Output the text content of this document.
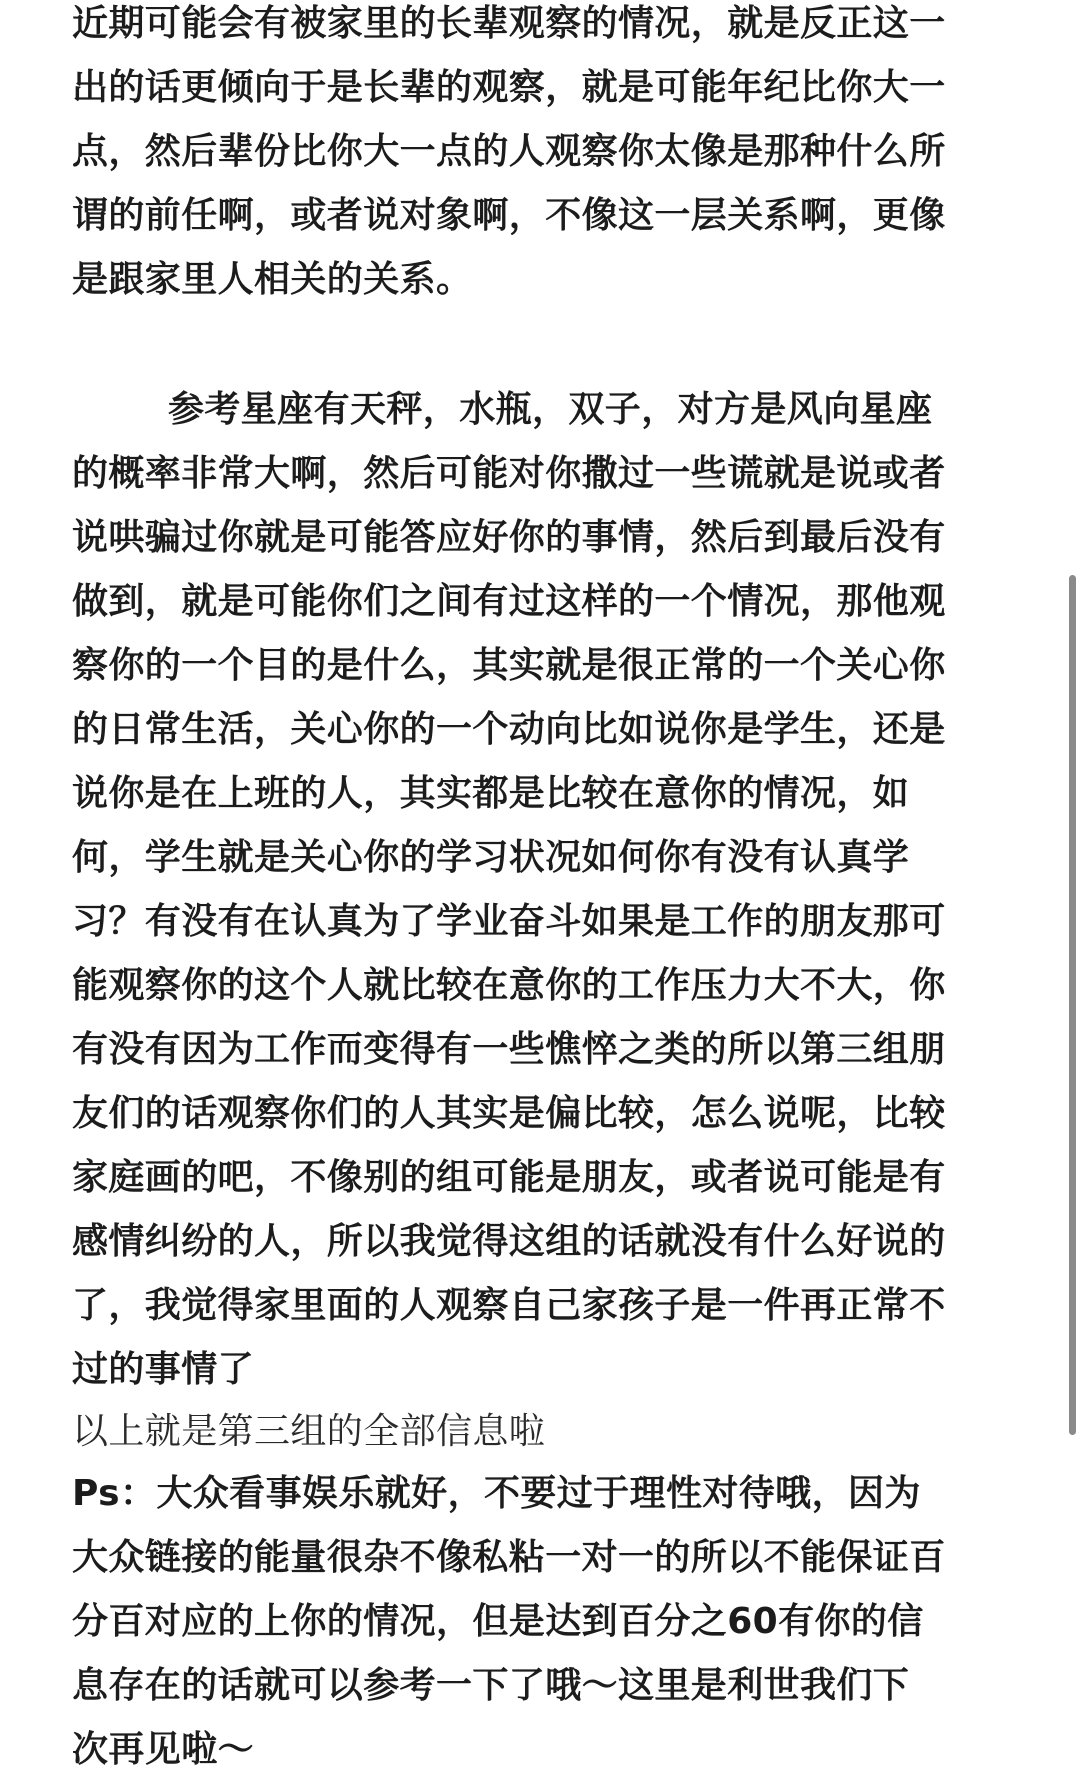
近期可能会有被家里的长辈观察的情况，就是反正这一
出的话更倾向于是长辈的观察，就是可能年纪比你大一
点，然后辈份比你大一点的人观察你太像是那种什么所
谓的前任啊，或者说对象啊，不像这一层关系啊，更像
是跟家里人相关的关系。
参考星座有天秤，水瓶，双子，对方是风向星座
的概率非常大啊，然后可能对你撒过一些谎就是说或者
说哄骗过你就是可能答应好你的事情，然后到最后没有
做到，就是可能你们之间有过这样的一个情况，那他观
察你的一个目的是什么，其实就是很正常的一个关心你
的日常生活，关心你的一个动向比如说你是学生，还是
说你是在上班的人，其实都是比较在意你的情况，如
何，学生就是关心你的学习状况如何你有没有认真学
习？有没有在认真为了学业奋斗如果是工作的朋友那可
能观察你的这个人就比较在意你的工作压力大不大，你
有没有因为工作而变得有一些憔悴之类的所以第三组朋
友们的话观察你们的人其实是偏比较，怎么说呢，比较
家庭画的吧，不像别的组可能是朋友，或者说可能是有
感情纠纷的人，所以我觉得这组的话就没有什么好说的
了，我觉得家里面的人观察自己家孩子是一件再正常不
过的事情了
以上就是第三组的全部信息啦
Ps：大众看事娱乐就好，不要过于理性对待哦，因为
大众链接的能量很杂不像私粘一对一的所以不能保证百
分百对应的上你的情况，但是达到百分之60有你的信
息存在的话就可以参考一下了哦～这里是利世我们下
次再见啦～
